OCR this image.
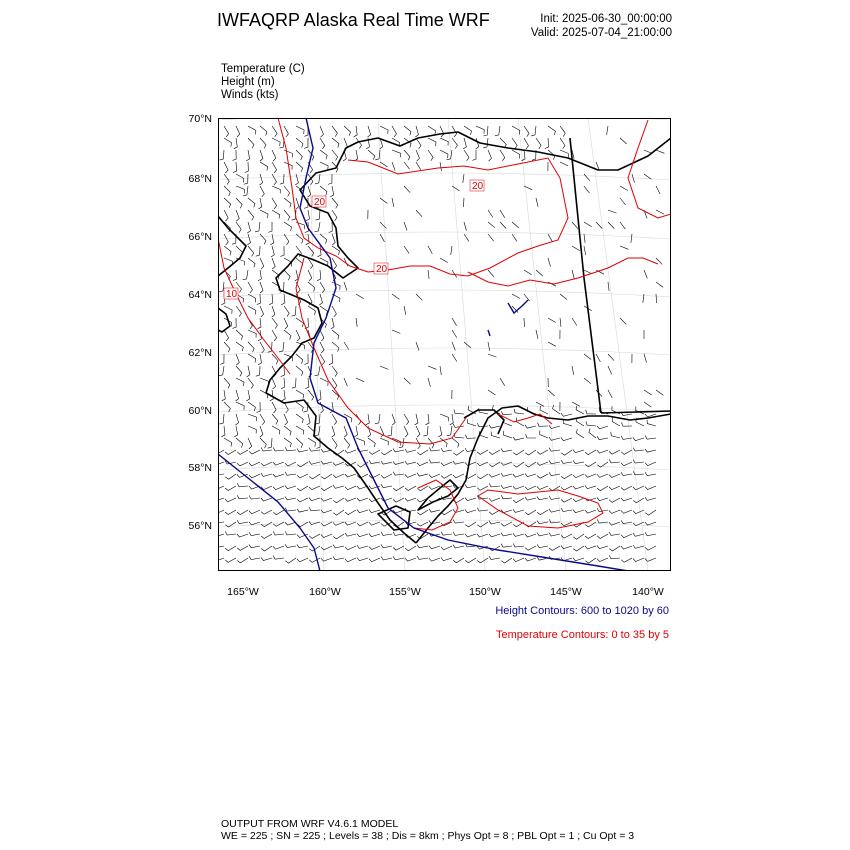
IWFAQRP Alaska Real Time WRF	Init: 2025-06-30_00:00:00
Valid: 2025-07-04_21:00:00
Temperature (C)
Height (m)
Winds (kts)
70°N
68°N
66°N
64°N
62°N
60°N
58°N
56°N
165°W	160°W	155°W	150°W	145°W	140°W
20
20
20
10
Height Contours: 600 to 1020 by 60
Temperature Contours: 0 to 35 by 5
OUTPUT FROM WRF V4.6.1 MODEL
WE = 225 ; SN = 225 ; Levels = 38 ; Dis = 8km ; Phys Opt = 8 ; PBL Opt = 1 ; Cu Opt = 3
